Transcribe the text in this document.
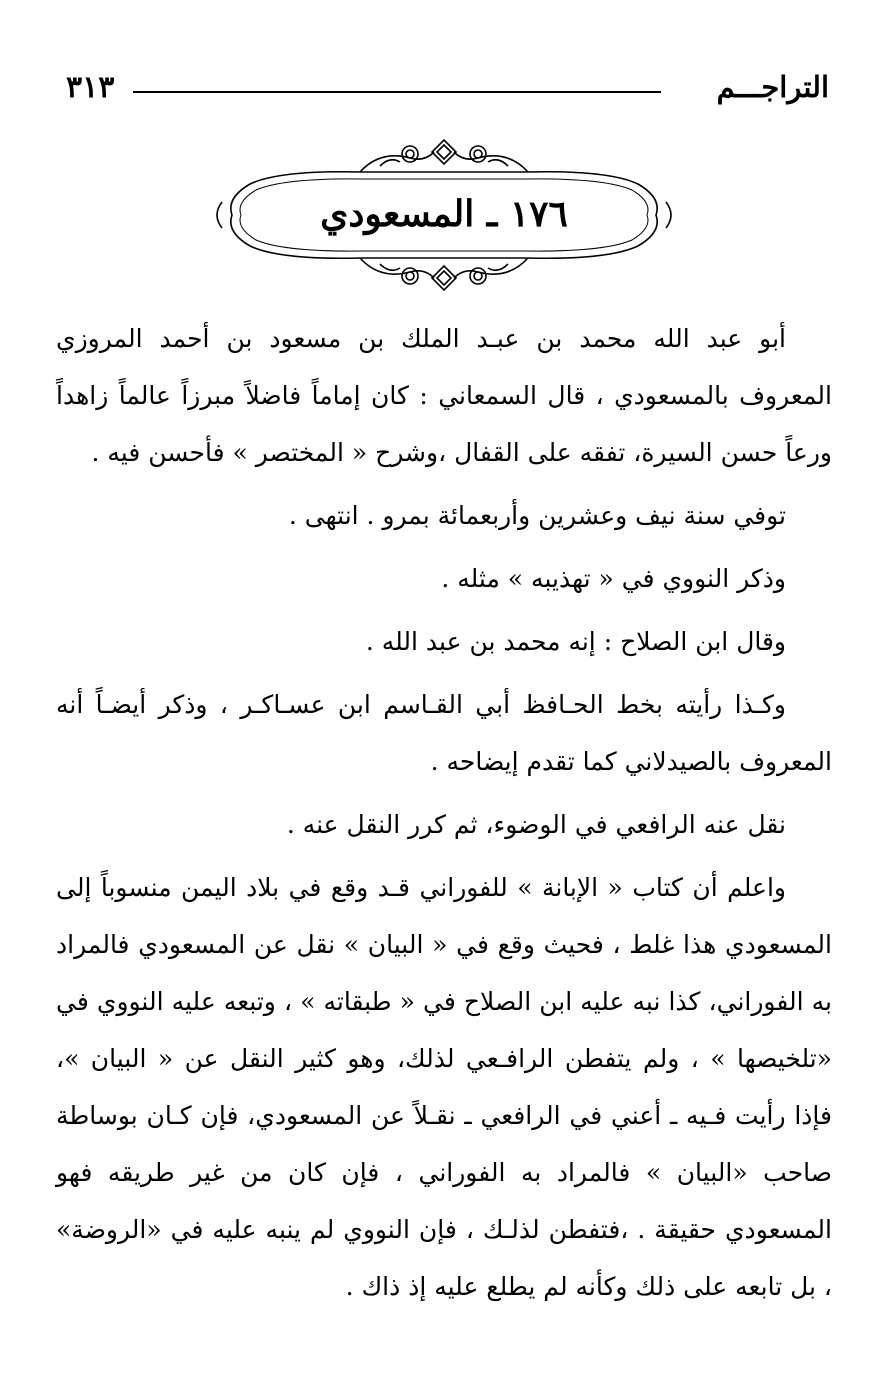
التراجـــم
٣١٣
١٧٦ ـ المسعودي

أبو عبد الله محمد بن عبـد الملك بن مسعود بن أحمد المروزي المعروف بالمسعودي ، قال السمعاني : كان إماماً فاضلاً مبرزاً عالماً زاهداً ورعاً حسن السيرة، تفقه على القفال ،وشرح « المختصر » فأحسن فيه .

توفي سنة نيف وعشرين وأربعمائة بمرو . انتهى .

وذكر النووي في « تهذيبه » مثله .

وقال ابن الصلاح : إنه محمد بن عبد الله .

وكـذا رأيته بخط الحـافظ أبي القـاسم ابن عسـاكـر ، وذكر أيضـاً أنه المعروف بالصيدلاني كما تقدم إيضاحه .

نقل عنه الرافعي في الوضوء، ثم كرر النقل عنه .

واعلم أن كتاب « الإبانة » للفوراني قـد وقع في بلاد اليمن منسوباً إلى المسعودي هذا غلط ، فحيث وقع في « البيان » نقل عن المسعودي فالمراد به الفوراني، كذا نبه عليه ابن الصلاح في « طبقاته » ، وتبعه عليه النووي في «تلخيصها » ، ولم يتفطن الرافـعي لذلك، وهو كثير النقل عن « البيان »، فإذا رأيت فـيه ـ أعني في الرافعي ـ نقـلاً عن المسعودي، فإن كـان بوساطة صاحب «البيان » فالمراد به الفوراني ، فإن كان من غير طريقه فهو المسعودي حقيقة . ،فتفطن لذلـك ، فإن النووي لم ينبه عليه في «الروضة» ، بل تابعه على ذلك وكأنه لم يطلع عليه إذ ذاك .
